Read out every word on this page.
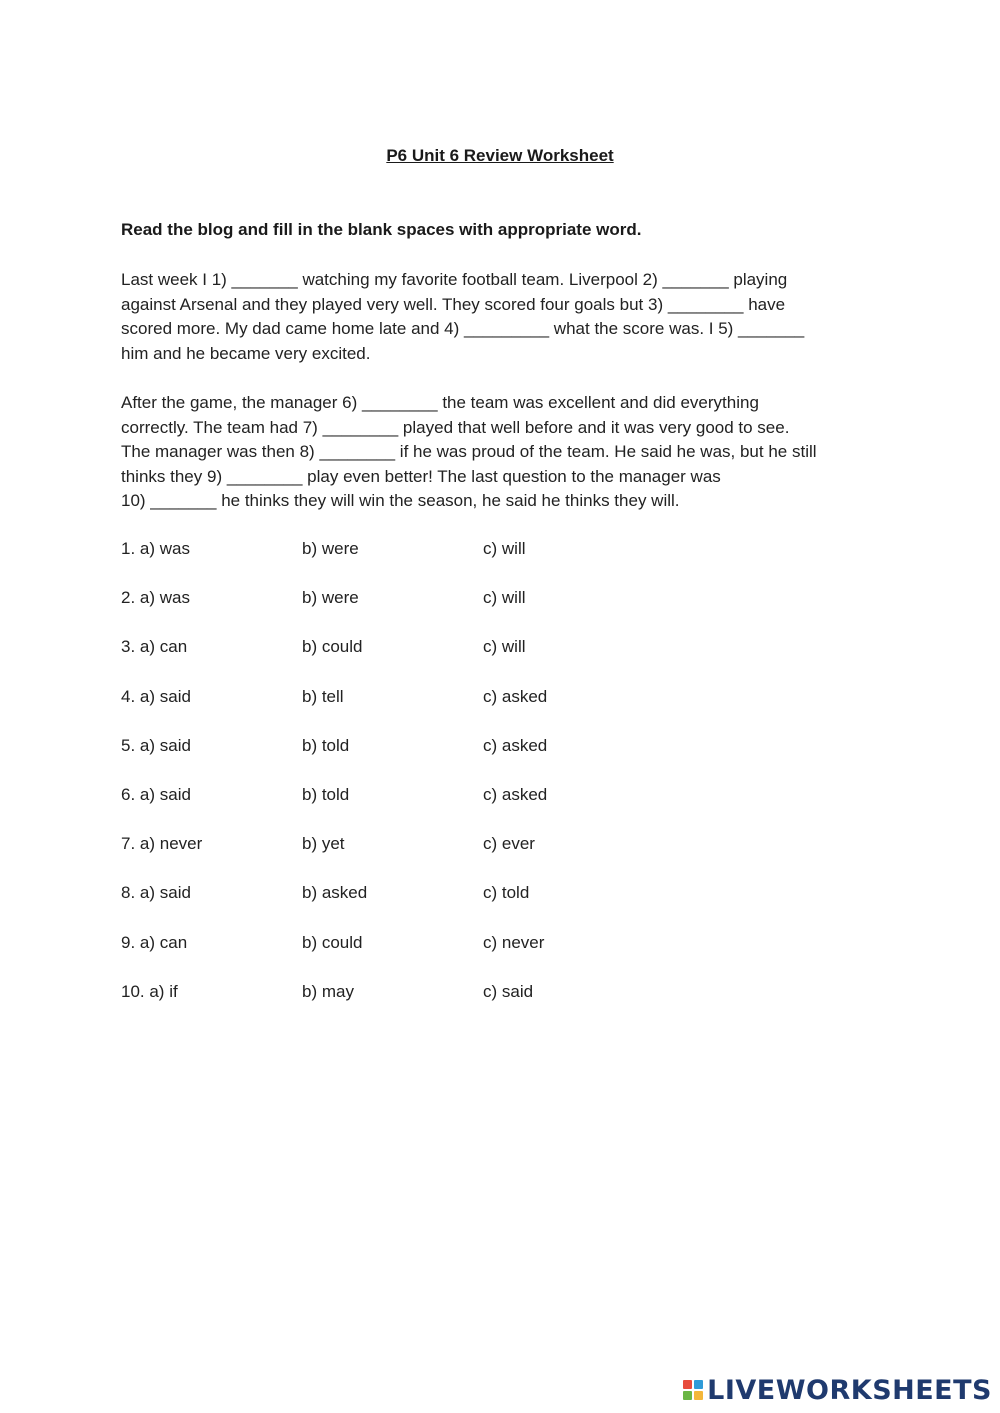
P6 Unit 6 Review Worksheet
Read the blog and fill in the blank spaces with appropriate word.
Last week I 1) _______ watching my favorite football team. Liverpool 2) _______ playing
against Arsenal and they played very well. They scored four goals but 3) ________ have
scored more. My dad came home late and 4) _________ what the score was. I 5) _______
him and he became very excited.
After the game, the manager 6) ________ the team was excellent and did everything
correctly. The team had 7) ________ played that well before and it was very good to see.
The manager was then 8) ________ if he was proud of the team. He said he was, but he still
thinks they 9) ________ play even better! The last question to the manager was
10) _______ he thinks they will win the season, he said he thinks they will.
1. a) was	b) were	c) will
2. a) was	b) were	c) will
3. a) can	b) could	c) will
4. a) said	b) tell	c) asked
5. a) said	b) told	c) asked
6. a) said	b) told	c) asked
7. a) never	b) yet	c) ever
8. a) said	b) asked	c) told
9. a) can	b) could	c) never
10. a) if	b) may	c) said
LIVEWORKSHEETS
